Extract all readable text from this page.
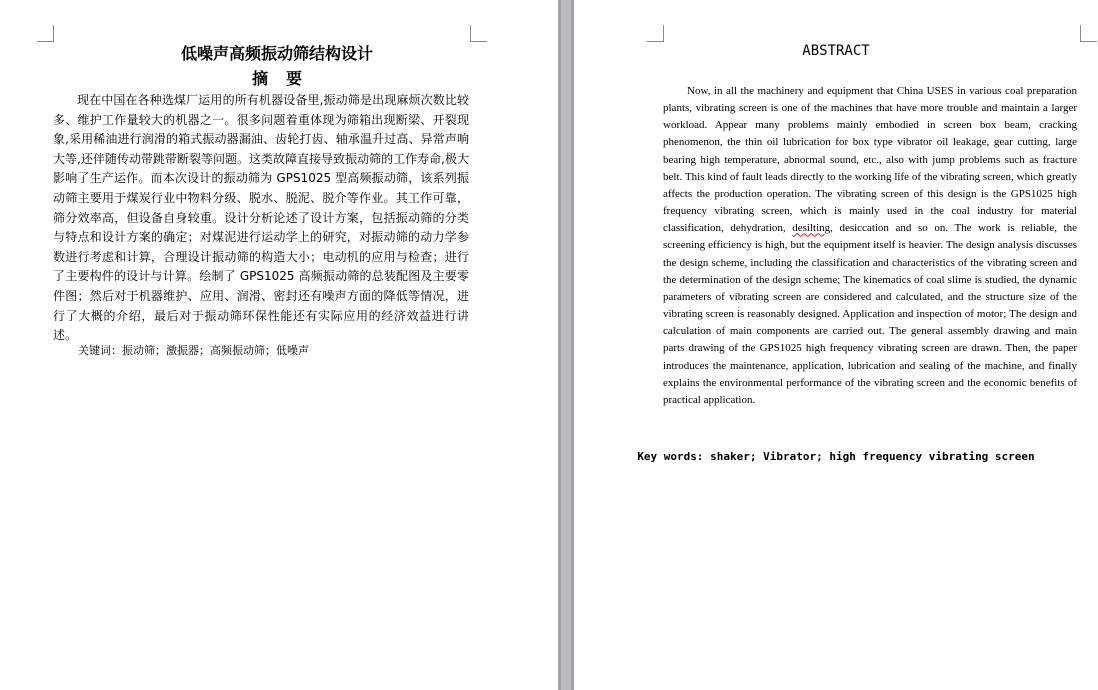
低噪声高频振动筛结构设计
摘要

现在中国在各种选煤厂运用的所有机器设备里,振动筛是出现麻烦次数比较多、维护工作量较大的机器之一。很多问题着重体现为筛箱出现断梁、开裂现象,采用稀油进行润滑的箱式振动器漏油、齿轮打齿、轴承温升过高、异常声响大等,还伴随传动带跳带断裂等问题。这类故障直接导致振动筛的工作寿命,极大影响了生产运作。而本次设计的振动筛为 GPS1025 型高频振动筛，该系列振动筛主要用于煤炭行业中物料分级、脱水、脱泥、脱介等作业。其工作可靠，筛分效率高，但设备自身较重。设计分析论述了设计方案，包括振动筛的分类与特点和设计方案的确定；对煤泥进行运动学上的研究，对振动筛的动力学参数进行考虑和计算，合理设计振动筛的构造大小；电动机的应用与检查；进行了主要构件的设计与计算。绘制了 GPS1025 高频振动筛的总装配图及主要零件图；然后对于机器维护、应用、润滑、密封还有噪声方面的降低等情况，进行了大概的介绍，最后对于振动筛环保性能还有实际应用的经济效益进行讲述。

关键词：振动筛；激振器；高频振动筛；低噪声
ABSTRACT

Now, in all the machinery and equipment that China USES in various coal preparation plants, vibrating screen is one of the machines that have more trouble and maintain a larger workload. Appear many problems mainly embodied in screen box beam, cracking phenomenon, the thin oil lubrication for box type vibrator oil leakage, gear cutting, large bearing high temperature, abnormal sound, etc., also with jump problems such as fracture belt. This kind of fault leads directly to the working life of the vibrating screen, which greatly affects the production operation. The vibrating screen of this design is the GPS1025 high frequency vibrating screen, which is mainly used in the coal industry for material classification, dehydration, desilting, desiccation and so on. The work is reliable, the screening efficiency is high, but the equipment itself is heavier. The design analysis discusses the design scheme, including the classification and characteristics of the vibrating screen and the determination of the design scheme; The kinematics of coal slime is studied, the dynamic parameters of vibrating screen are considered and calculated, and the structure size of the vibrating screen is reasonably designed. Application and inspection of motor; The design and calculation of main components are carried out. The general assembly drawing and main parts drawing of the GPS1025 high frequency vibrating screen are drawn. Then, the paper introduces the maintenance, application, lubrication and sealing of the machine, and finally explains the environmental performance of the vibrating screen and the economic benefits of practical application.

Key words: shaker; Vibrator; high frequency vibrating screen
